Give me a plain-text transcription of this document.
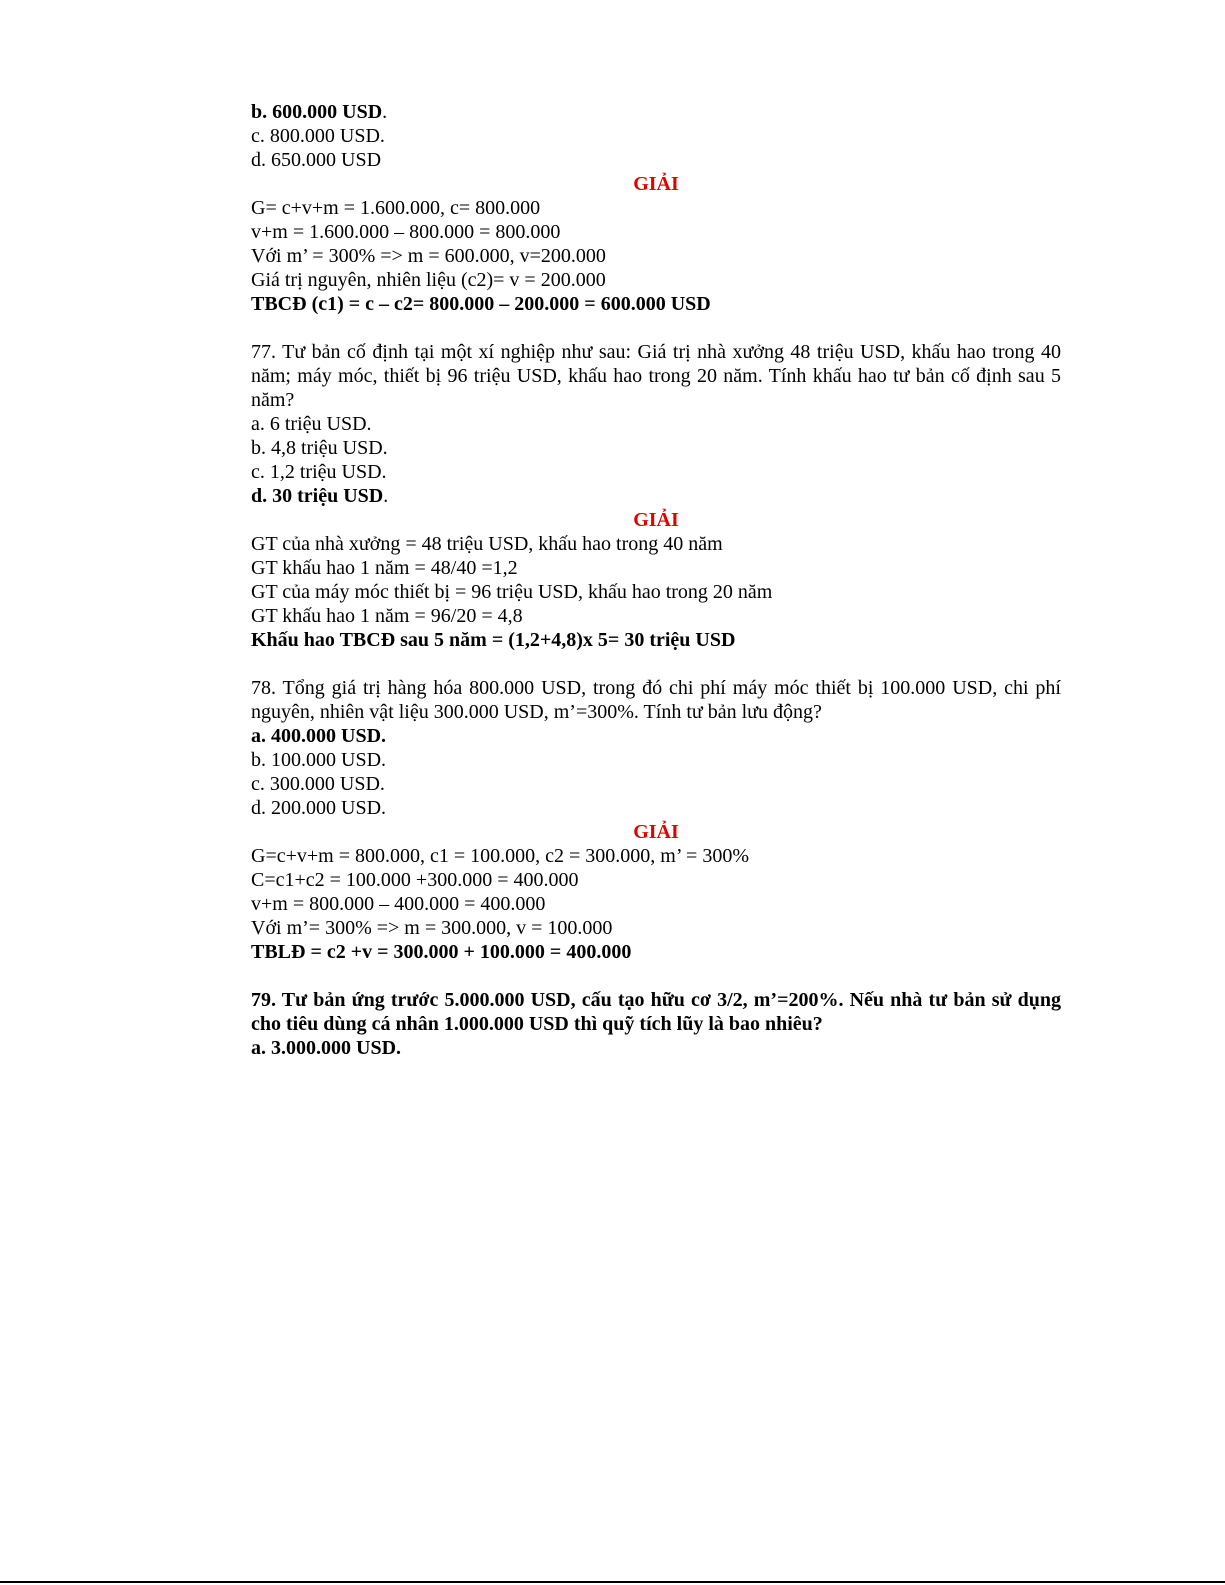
b. 600.000 USD.
c. 800.000 USD.
d. 650.000 USD
GIẢI
G= c+v+m = 1.600.000, c= 800.000
v+m = 1.600.000 – 800.000 = 800.000
Với m’ = 300% => m = 600.000, v=200.000
Giá trị nguyên, nhiên liệu (c2)= v = 200.000
TBCĐ (c1) = c – c2= 800.000 – 200.000 = 600.000 USD
77. Tư bản cố định tại một xí nghiệp như sau: Giá trị nhà xưởng 48 triệu USD, khấu hao trong 40 năm; máy móc, thiết bị 96 triệu USD, khấu hao trong 20 năm. Tính khấu hao tư bản cố định sau 5 năm?
a. 6 triệu USD.
b. 4,8 triệu USD.
c. 1,2 triệu USD.
d. 30 triệu USD.
GIẢI
GT của nhà xưởng = 48 triệu USD, khấu hao trong 40 năm
GT khấu hao 1 năm = 48/40 =1,2
GT của máy móc thiết bị = 96 triệu USD, khấu hao trong 20 năm
GT khấu hao 1 năm = 96/20 = 4,8
Khấu hao TBCĐ sau 5 năm = (1,2+4,8)x 5= 30 triệu USD
78. Tổng giá trị hàng hóa 800.000 USD, trong đó chi phí máy móc thiết bị 100.000 USD, chi phí nguyên, nhiên vật liệu 300.000 USD, m’=300%. Tính tư bản lưu động?
a. 400.000 USD.
b. 100.000 USD.
c. 300.000 USD.
d. 200.000 USD.
GIẢI
G=c+v+m = 800.000, c1 = 100.000, c2 = 300.000, m’ = 300%
C=c1+c2 = 100.000 +300.000 = 400.000
v+m = 800.000 – 400.000 = 400.000
Với m’= 300% => m = 300.000, v = 100.000
TBLĐ = c2 +v = 300.000 + 100.000 = 400.000
79. Tư bản ứng trước 5.000.000 USD, cấu tạo hữu cơ 3/2, m’=200%. Nếu nhà tư bản sử dụng cho tiêu dùng cá nhân 1.000.000 USD thì quỹ tích lũy là bao nhiêu?
a. 3.000.000 USD.
